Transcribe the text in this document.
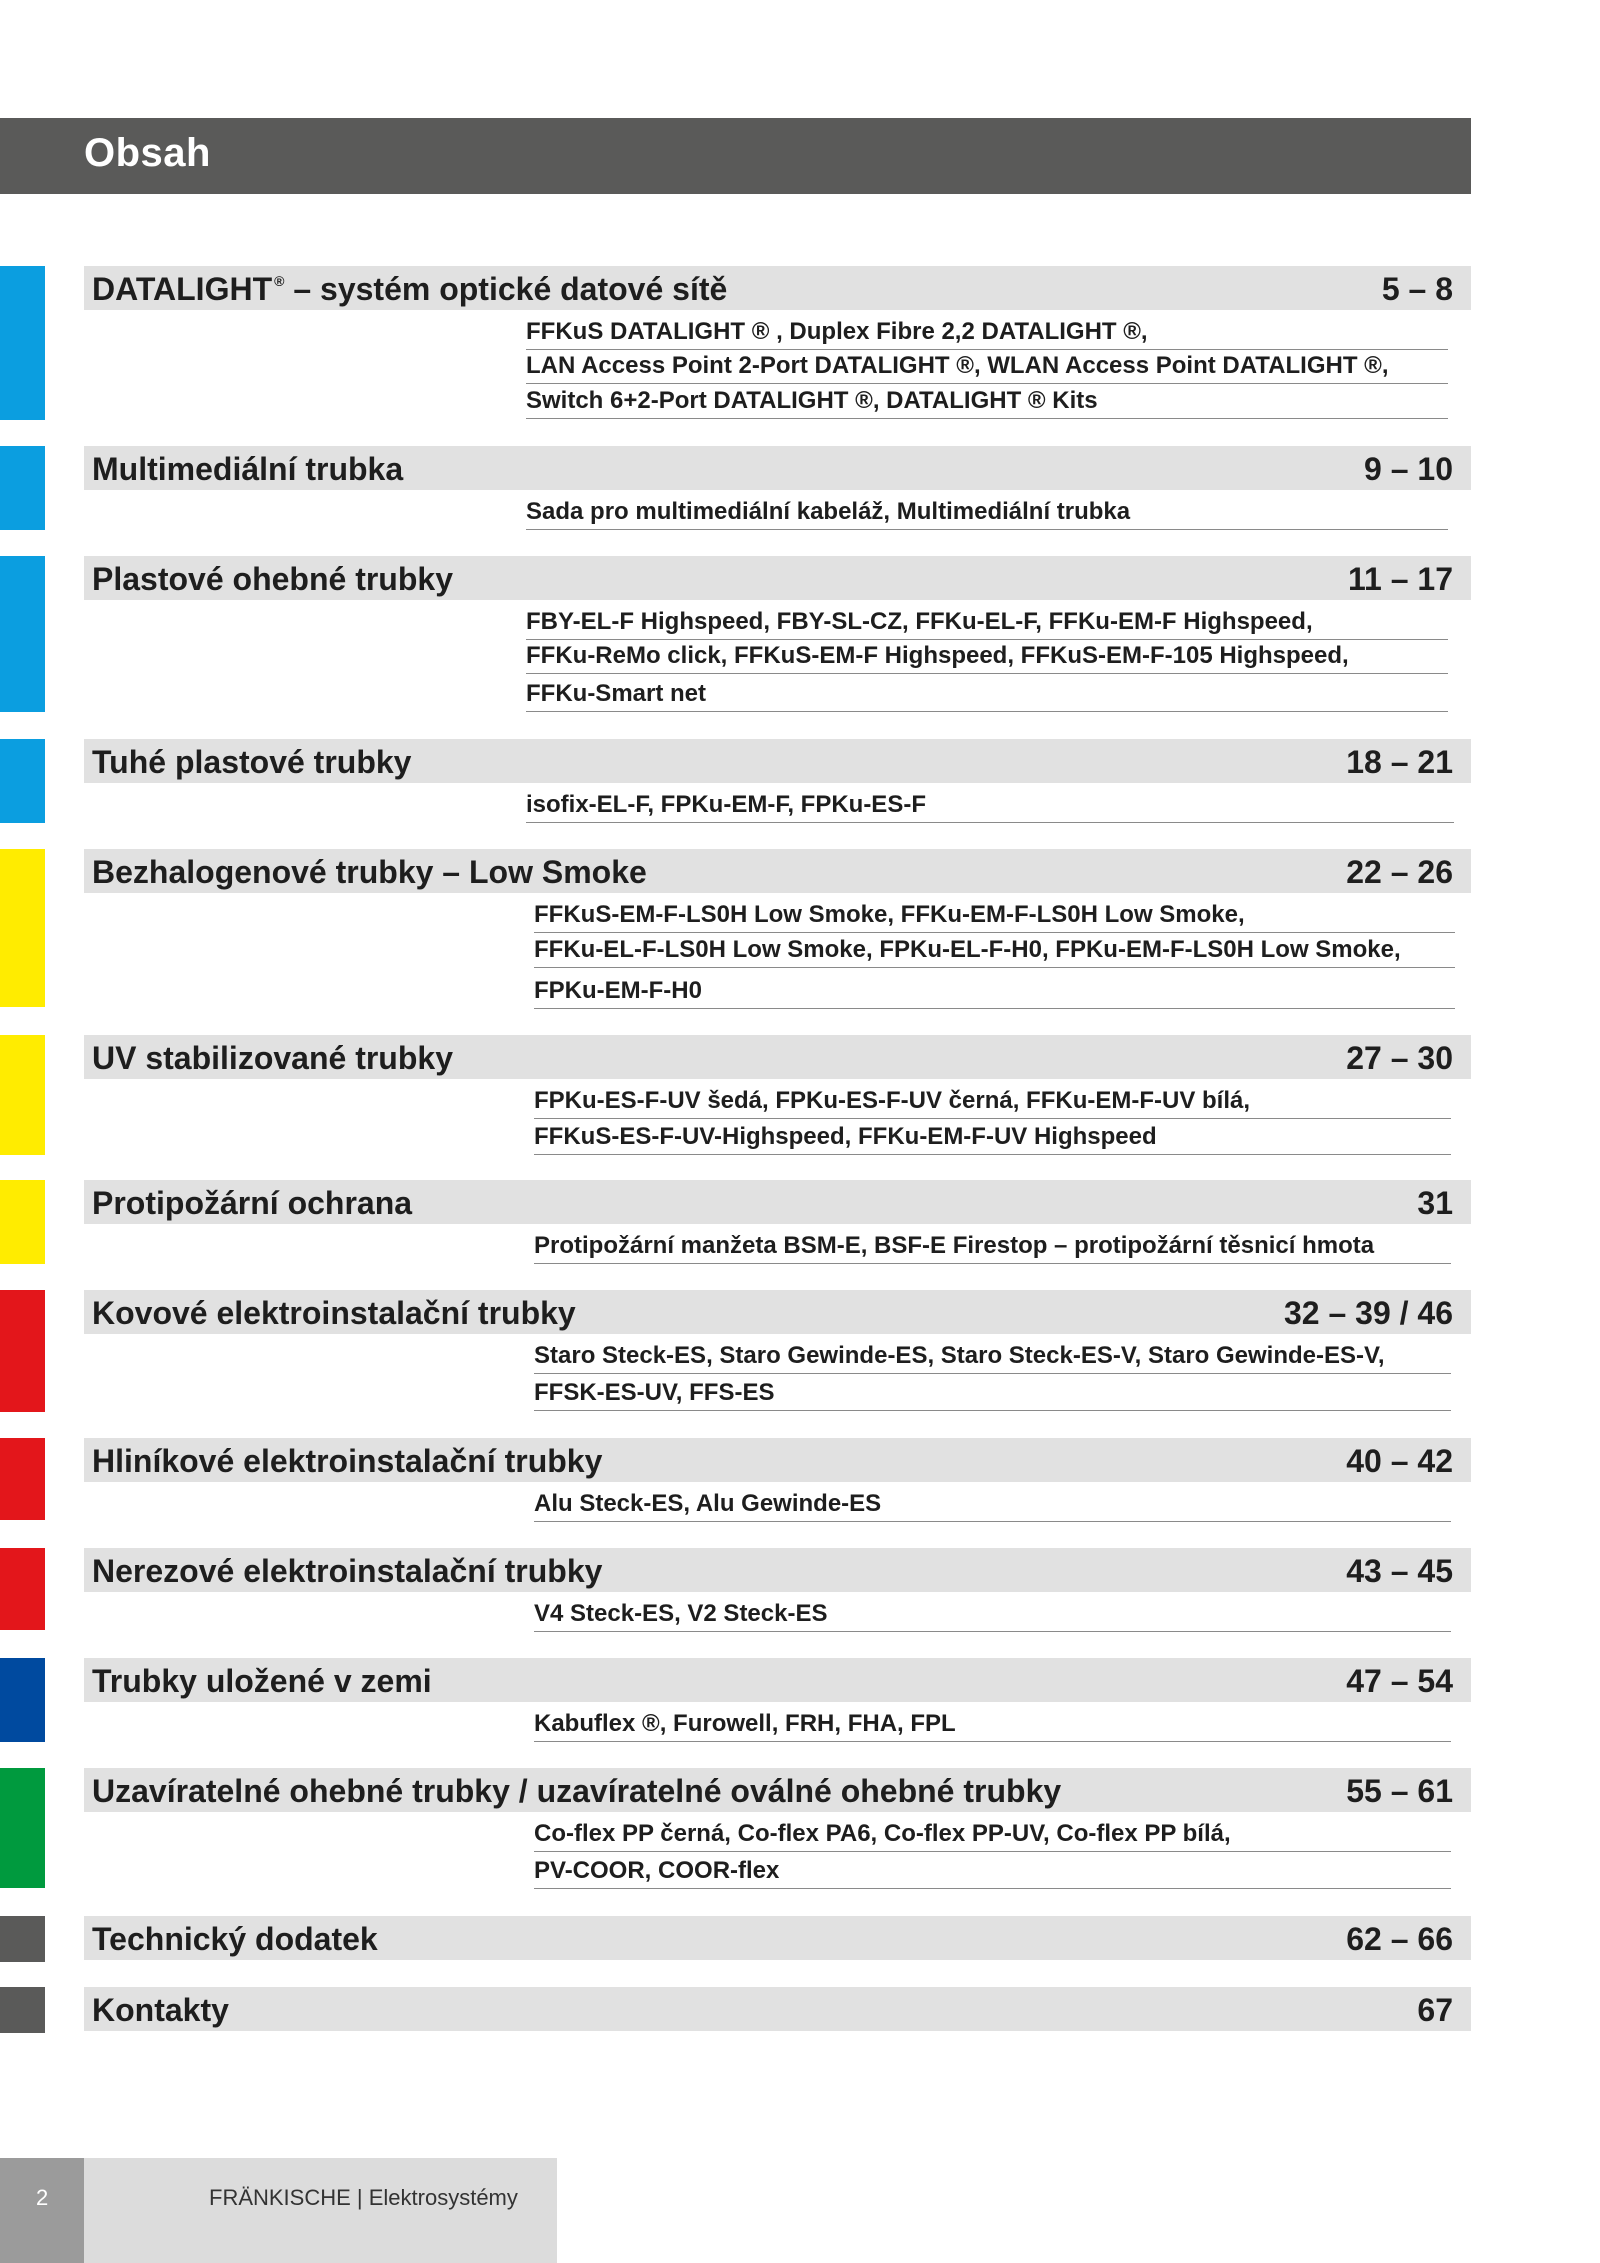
Obsah
DATALIGHT ® – systém optické datové sítě	5 – 8
FFKuS DATALIGHT ® , Duplex Fibre 2,2 DATALIGHT ®,
LAN Access Point 2-Port DATALIGHT ®, WLAN Access Point DATALIGHT ®,
Switch 6+2-Port DATALIGHT ®, DATALIGHT ® Kits
Multimediální trubka	9 – 10
Sada pro multimediální kabeláž, Multimediální trubka
Plastové ohebné trubky	11 – 17
FBY-EL-F Highspeed, FBY-SL-CZ, FFKu-EL-F, FFKu-EM-F Highspeed,
FFKu-ReMo click, FFKuS-EM-F Highspeed, FFKuS-EM-F-105 Highspeed,
FFKu-Smart net
Tuhé plastové trubky	18 – 21
isofix-EL-F, FPKu-EM-F, FPKu-ES-F
Bezhalogenové trubky – Low Smoke	22 – 26
FFKuS-EM-F-LS0H Low Smoke, FFKu-EM-F-LS0H Low Smoke,
FFKu-EL-F-LS0H Low Smoke, FPKu-EL-F-H0, FPKu-EM-F-LS0H Low Smoke,
FPKu-EM-F-H0
UV stabilizované trubky	27 – 30
FPKu-ES-F-UV šedá, FPKu-ES-F-UV černá, FFKu-EM-F-UV bílá,
FFKuS-ES-F-UV-Highspeed, FFKu-EM-F-UV Highspeed
Protipožární ochrana	31
Protipožární manžeta BSM-E, BSF-E Firestop – protipožární těsnicí hmota
Kovové elektroinstalační trubky	32 – 39 / 46
Staro Steck-ES, Staro Gewinde-ES, Staro Steck-ES-V, Staro Gewinde-ES-V,
FFSK-ES-UV, FFS-ES
Hliníkové elektroinstalační trubky	40 – 42
Alu Steck-ES, Alu Gewinde-ES
Nerezové elektroinstalační trubky	43 – 45
V4 Steck-ES, V2 Steck-ES
Trubky uložené v zemi	47 – 54
Kabuflex ®, Furowell, FRH, FHA, FPL
Uzavíratelné ohebné trubky / uzavíratelné oválné ohebné trubky	55 – 61
Co-flex PP černá, Co-flex PA6, Co-flex PP-UV, Co-flex PP bílá,
PV-COOR, COOR-flex
Technický dodatek	62 – 66
Kontakty	67
2	FRÄNKISCHE | Elektrosystémy
